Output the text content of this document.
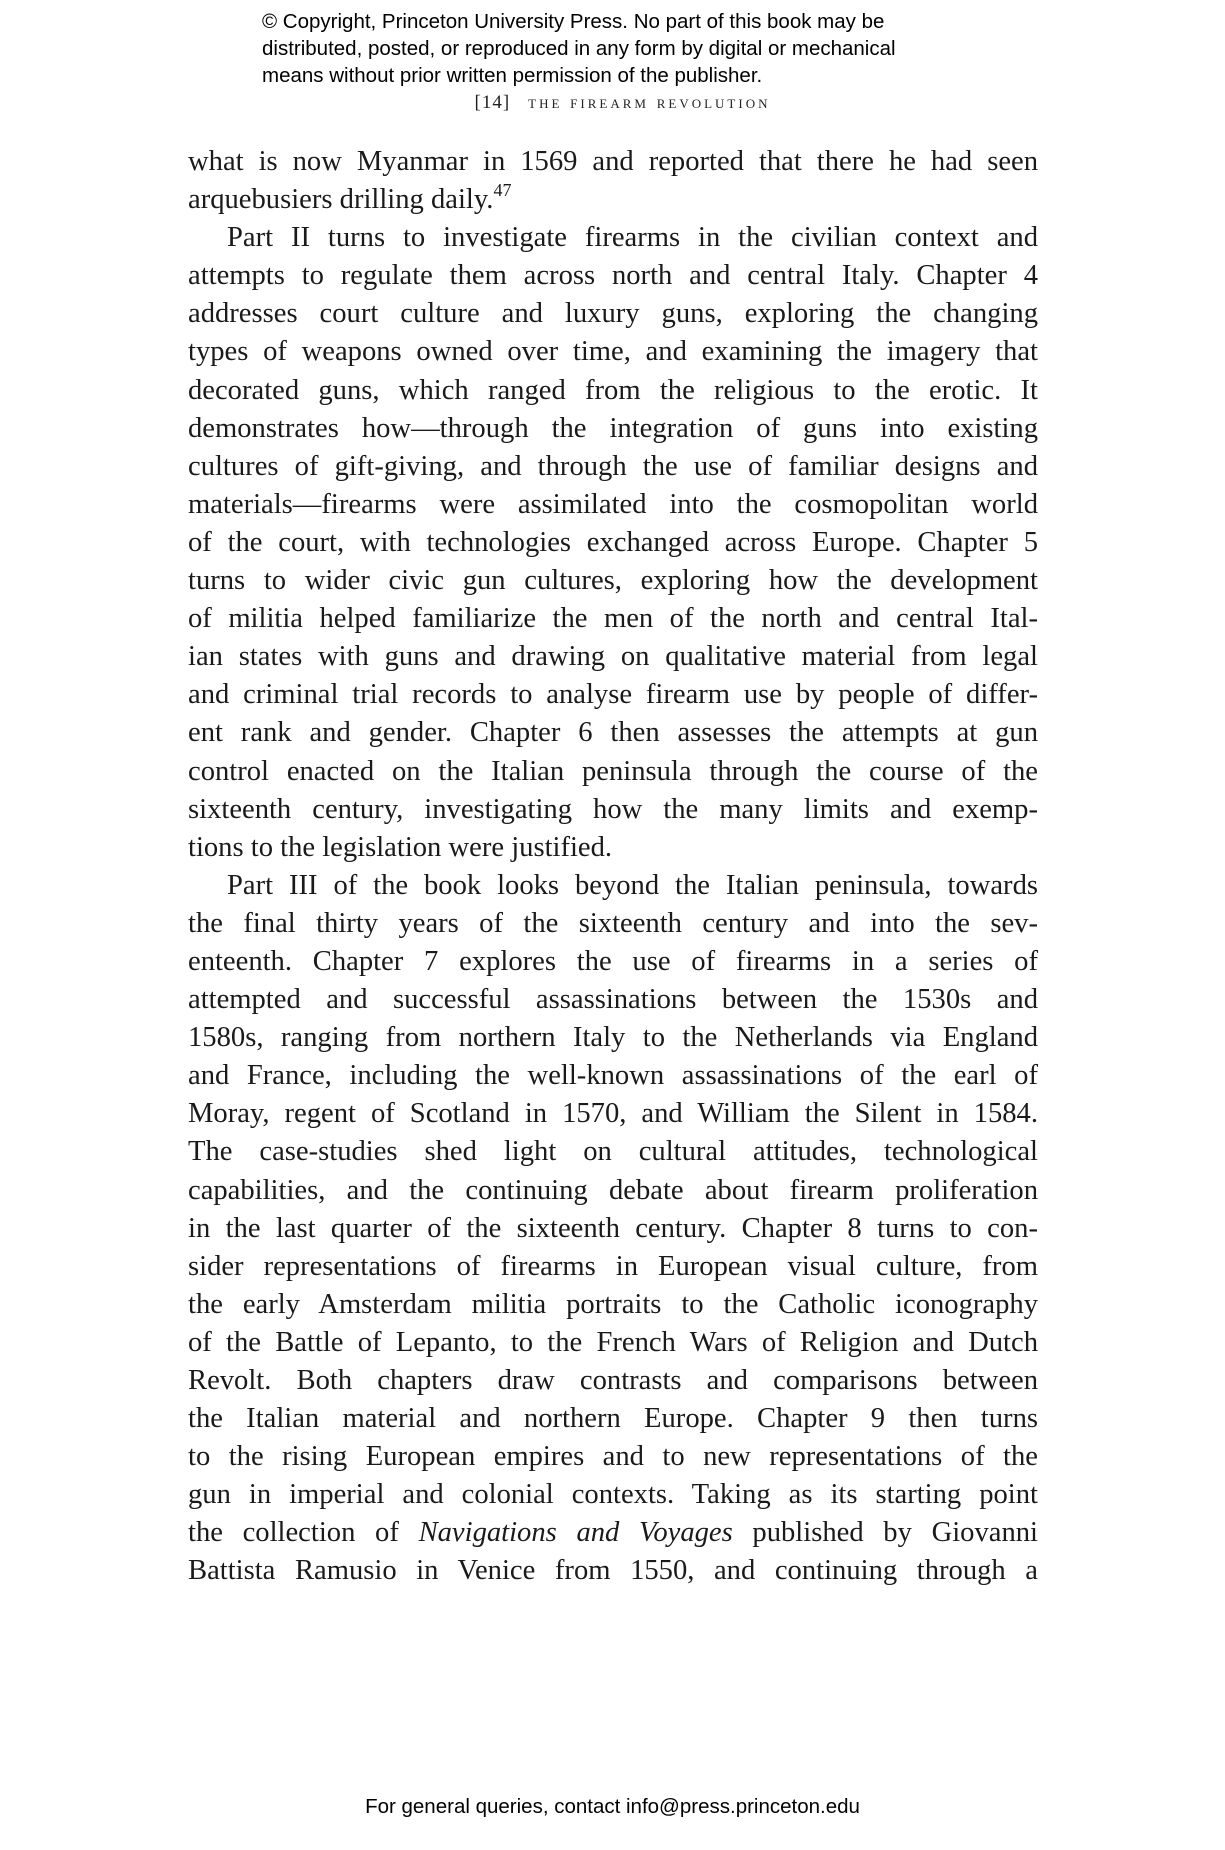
© Copyright, Princeton University Press. No part of this book may be
distributed, posted, or reproduced in any form by digital or mechanical
means without prior written permission of the publisher.
[14] the firearm revolution
what is now Myanmar in 1569 and reported that there he had seen
arquebusiers drilling daily.$^{47}$
Part II turns to investigate firearms in the civilian context and
attempts to regulate them across north and central Italy. Chapter 4
addresses court culture and luxury guns, exploring the changing
types of weapons owned over time, and examining the imagery that
decorated guns, which ranged from the religious to the erotic. It
demonstrates how—through the integration of guns into existing
cultures of gift-giving, and through the use of familiar designs and
materials—firearms were assimilated into the cosmopolitan world
of the court, with technologies exchanged across Europe. Chapter 5
turns to wider civic gun cultures, exploring how the development
of militia helped familiarize the men of the north and central Ital-
ian states with guns and drawing on qualitative material from legal
and criminal trial records to analyse firearm use by people of differ-
ent rank and gender. Chapter 6 then assesses the attempts at gun
control enacted on the Italian peninsula through the course of the
sixteenth century, investigating how the many limits and exemp-
tions to the legislation were justified.
Part III of the book looks beyond the Italian peninsula, towards
the final thirty years of the sixteenth century and into the sev-
enteenth. Chapter 7 explores the use of firearms in a series of
attempted and successful assassinations between the 1530s and
1580s, ranging from northern Italy to the Netherlands via England
and France, including the well-known assassinations of the earl of
Moray, regent of Scotland in 1570, and William the Silent in 1584.
The case-studies shed light on cultural attitudes, technological
capabilities, and the continuing debate about firearm proliferation
in the last quarter of the sixteenth century. Chapter 8 turns to con-
sider representations of firearms in European visual culture, from
the early Amsterdam militia portraits to the Catholic iconography
of the Battle of Lepanto, to the French Wars of Religion and Dutch
Revolt. Both chapters draw contrasts and comparisons between
the Italian material and northern Europe. Chapter 9 then turns
to the rising European empires and to new representations of the
gun in imperial and colonial contexts. Taking as its starting point
the collection of Navigations and Voyages published by Giovanni
Battista Ramusio in Venice from 1550, and continuing through a
For general queries, contact info@press.princeton.edu
